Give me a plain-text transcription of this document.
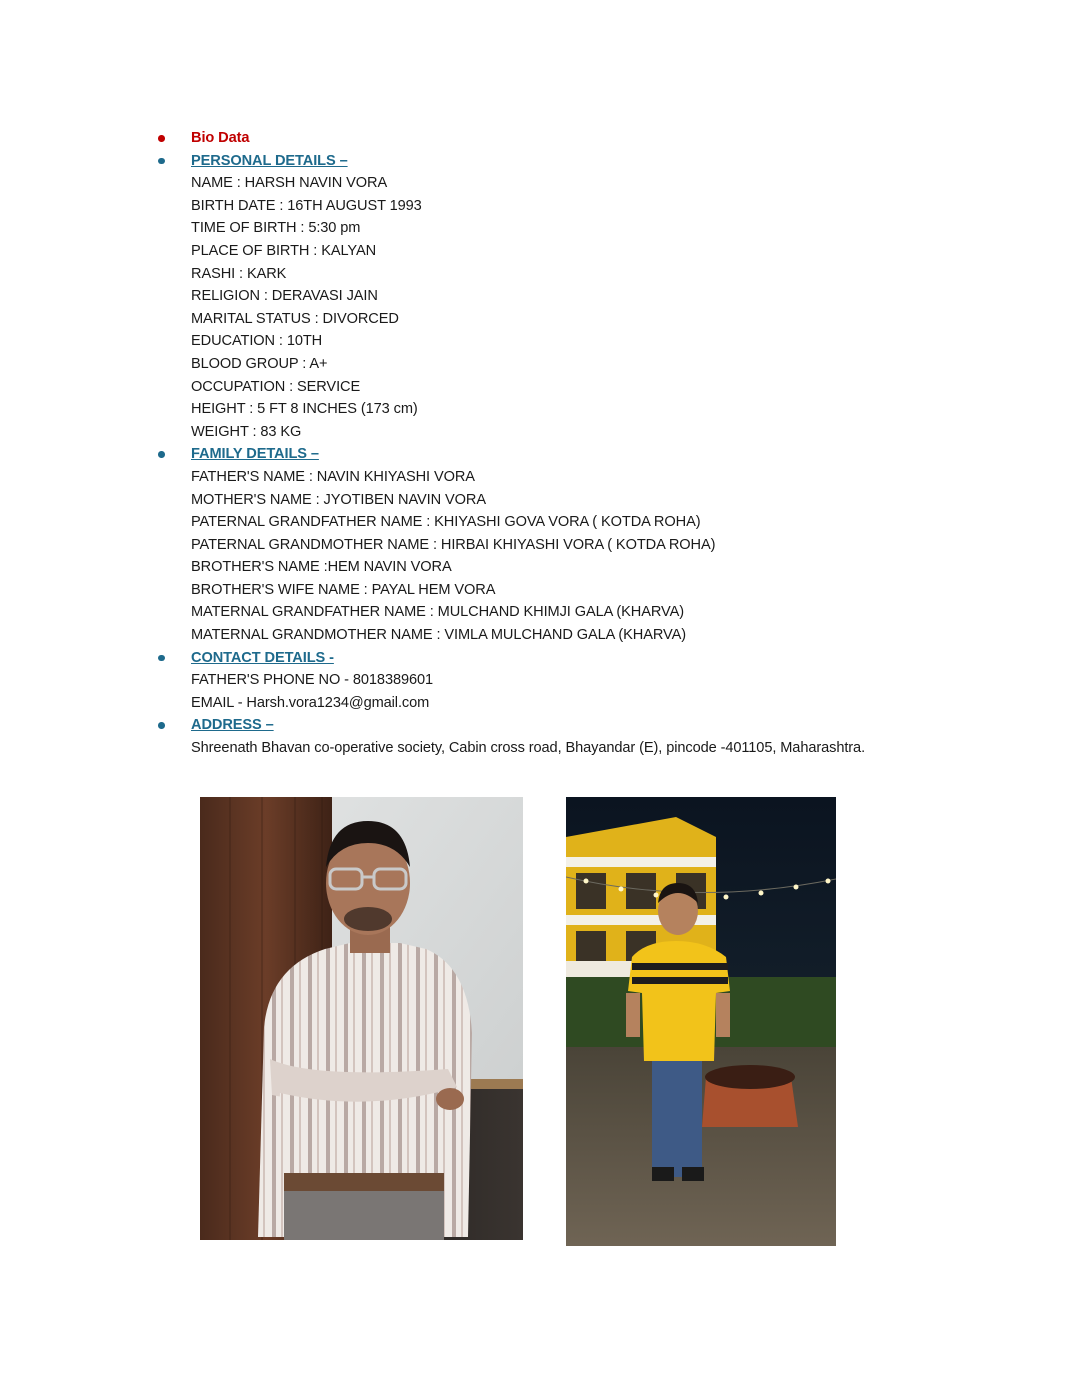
Bio Data
PERSONAL DETAILS –
NAME : HARSH NAVIN VORA
BIRTH DATE : 16TH AUGUST 1993
TIME OF BIRTH : 5:30 pm
PLACE OF BIRTH : KALYAN
RASHI : KARK
RELIGION : DERAVASI JAIN
MARITAL STATUS : DIVORCED
EDUCATION : 10TH
BLOOD GROUP : A+
OCCUPATION : SERVICE
HEIGHT : 5 FT 8 INCHES (173 cm)
WEIGHT : 83 KG
FAMILY DETAILS –
FATHER'S NAME : NAVIN KHIYASHI VORA
MOTHER'S NAME : JYOTIBEN NAVIN VORA
PATERNAL GRANDFATHER NAME : KHIYASHI GOVA VORA ( KOTDA ROHA)
PATERNAL GRANDMOTHER NAME : HIRBAI KHIYASHI VORA ( KOTDA ROHA)
BROTHER'S NAME :HEM NAVIN VORA
BROTHER'S WIFE NAME : PAYAL HEM VORA
MATERNAL GRANDFATHER NAME : MULCHAND KHIMJI GALA (KHARVA)
MATERNAL GRANDMOTHER NAME : VIMLA MULCHAND GALA (KHARVA)
CONTACT DETAILS -
FATHER'S PHONE NO - 8018389601
EMAIL - Harsh.vora1234@gmail.com
ADDRESS –
Shreenath Bhavan co-operative society, Cabin cross road, Bhayandar (E), pincode -401105, Maharashtra.
